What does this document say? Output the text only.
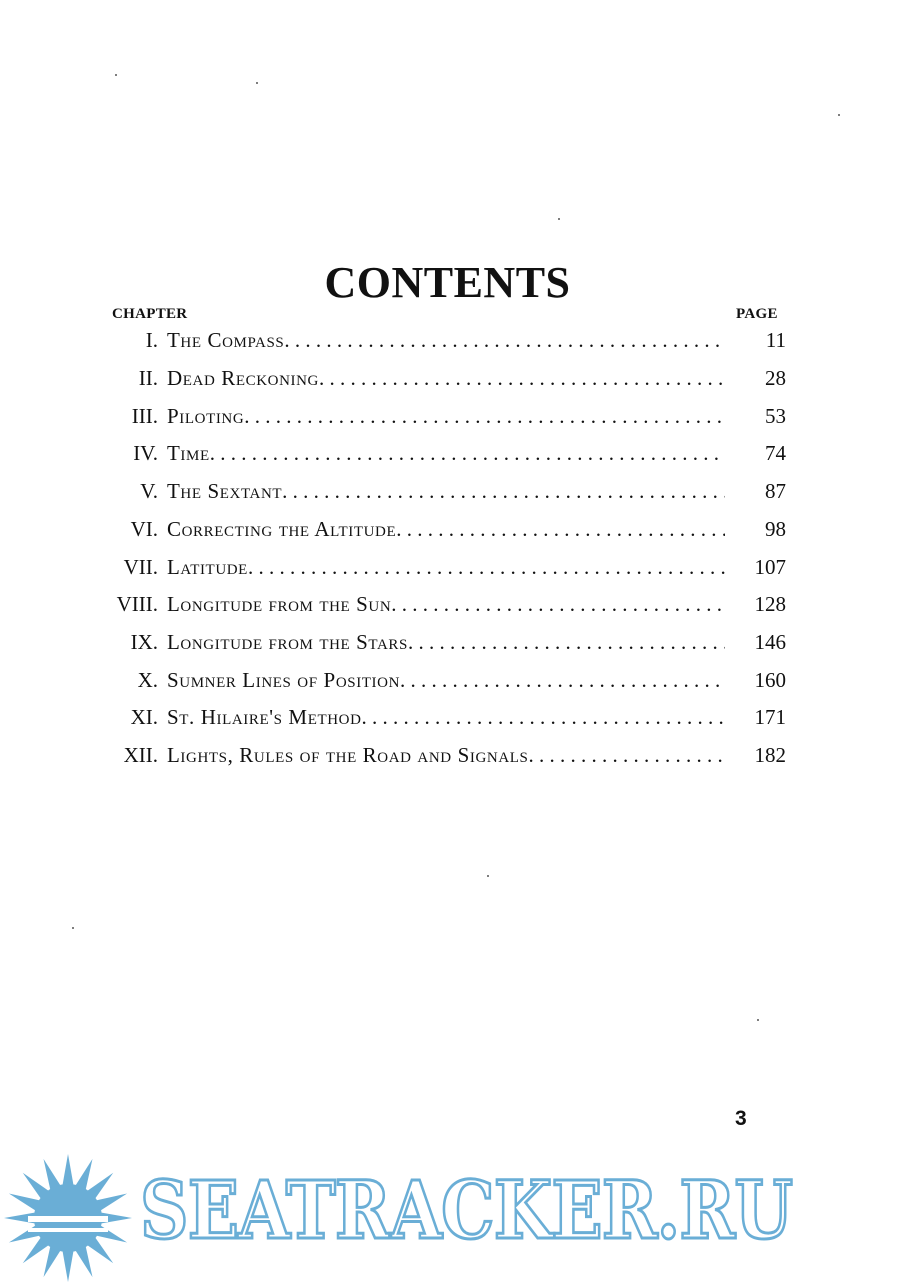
CONTENTS
CHAPTER	PAGE
I. The Compass . . .	11
II. Dead Reckoning . . .	28
III. Piloting . . .	53
IV. Time . . .	74
V. The Sextant . . .	87
VI. Correcting the Altitude . . .	98
VII. Latitude . . .	107
VIII. Longitude from the Sun . . .	128
IX. Longitude from the Stars . . .	146
X. Sumner Lines of Position . . .	160
XI. St. Hilaire's Method . . .	171
XII. Lights, Rules of the Road and Signals . . .	182
3
SEATRACKER.RU
